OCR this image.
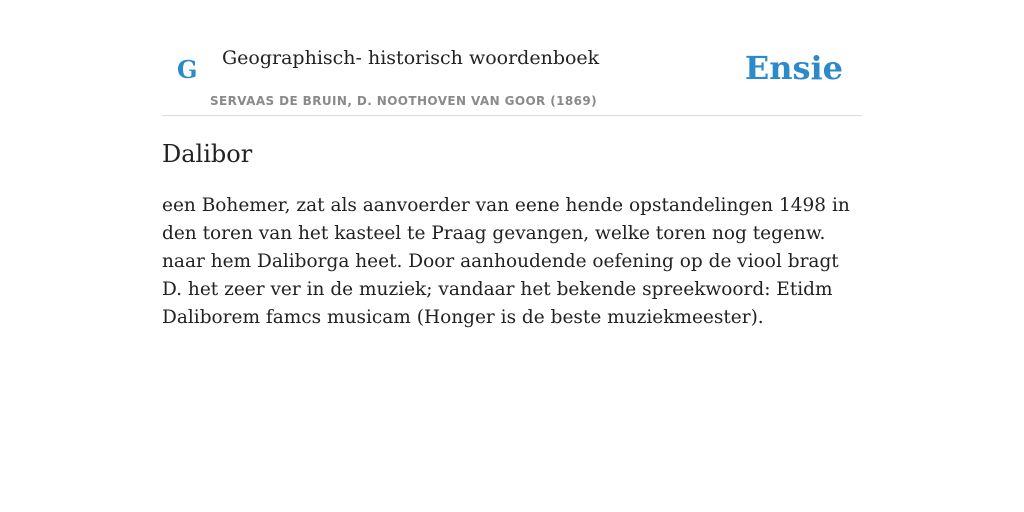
G Geographisch- historisch woordenboek
SERVAAS DE BRUIN, D. NOOTHOVEN VAN GOOR (1869)
Ensie
Dalibor

een Bohemer, zat als aanvoerder van eene hende opstandelingen 1498 in den toren van het kasteel te Praag gevangen, welke toren nog tegenw. naar hem Daliborga heet. Door aanhoudende oefening op de viool bragt D. het zeer ver in de muziek; vandaar het bekende spreekwoord: Etidm Daliborem famcs musicam (Honger is de beste muziekmeester).
